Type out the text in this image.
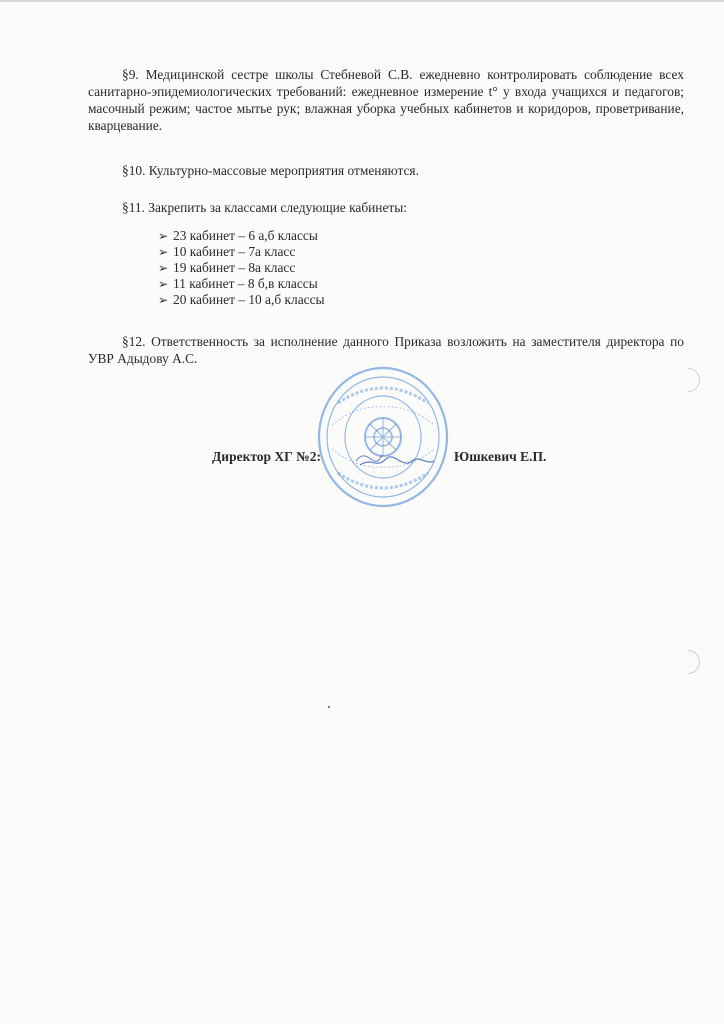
§9. Медицинской сестре школы Стебневой С.В. ежедневно контролировать соблюдение всех санитарно-эпидемиологических требований: ежедневное измерение t° у входа учащихся и педагогов; масочный режим; частое мытье рук; влажная уборка учебных кабинетов и коридоров, проветривание, кварцевание.

§10. Культурно-массовые мероприятия отменяются.

§11. Закрепить за классами следующие кабинеты:

➢ 23 кабинет – 6 а,б классы
➢ 10 кабинет – 7а класс
➢ 19 кабинет – 8а класс
➢ 11 кабинет – 8 б,в классы
➢ 20 кабинет – 10 а,б классы

§12. Ответственность за исполнение данного Приказа возложить на заместителя директора по УВР Адыдову А.С.

Директор ХГ №2:	Юшкевич Е.П.
